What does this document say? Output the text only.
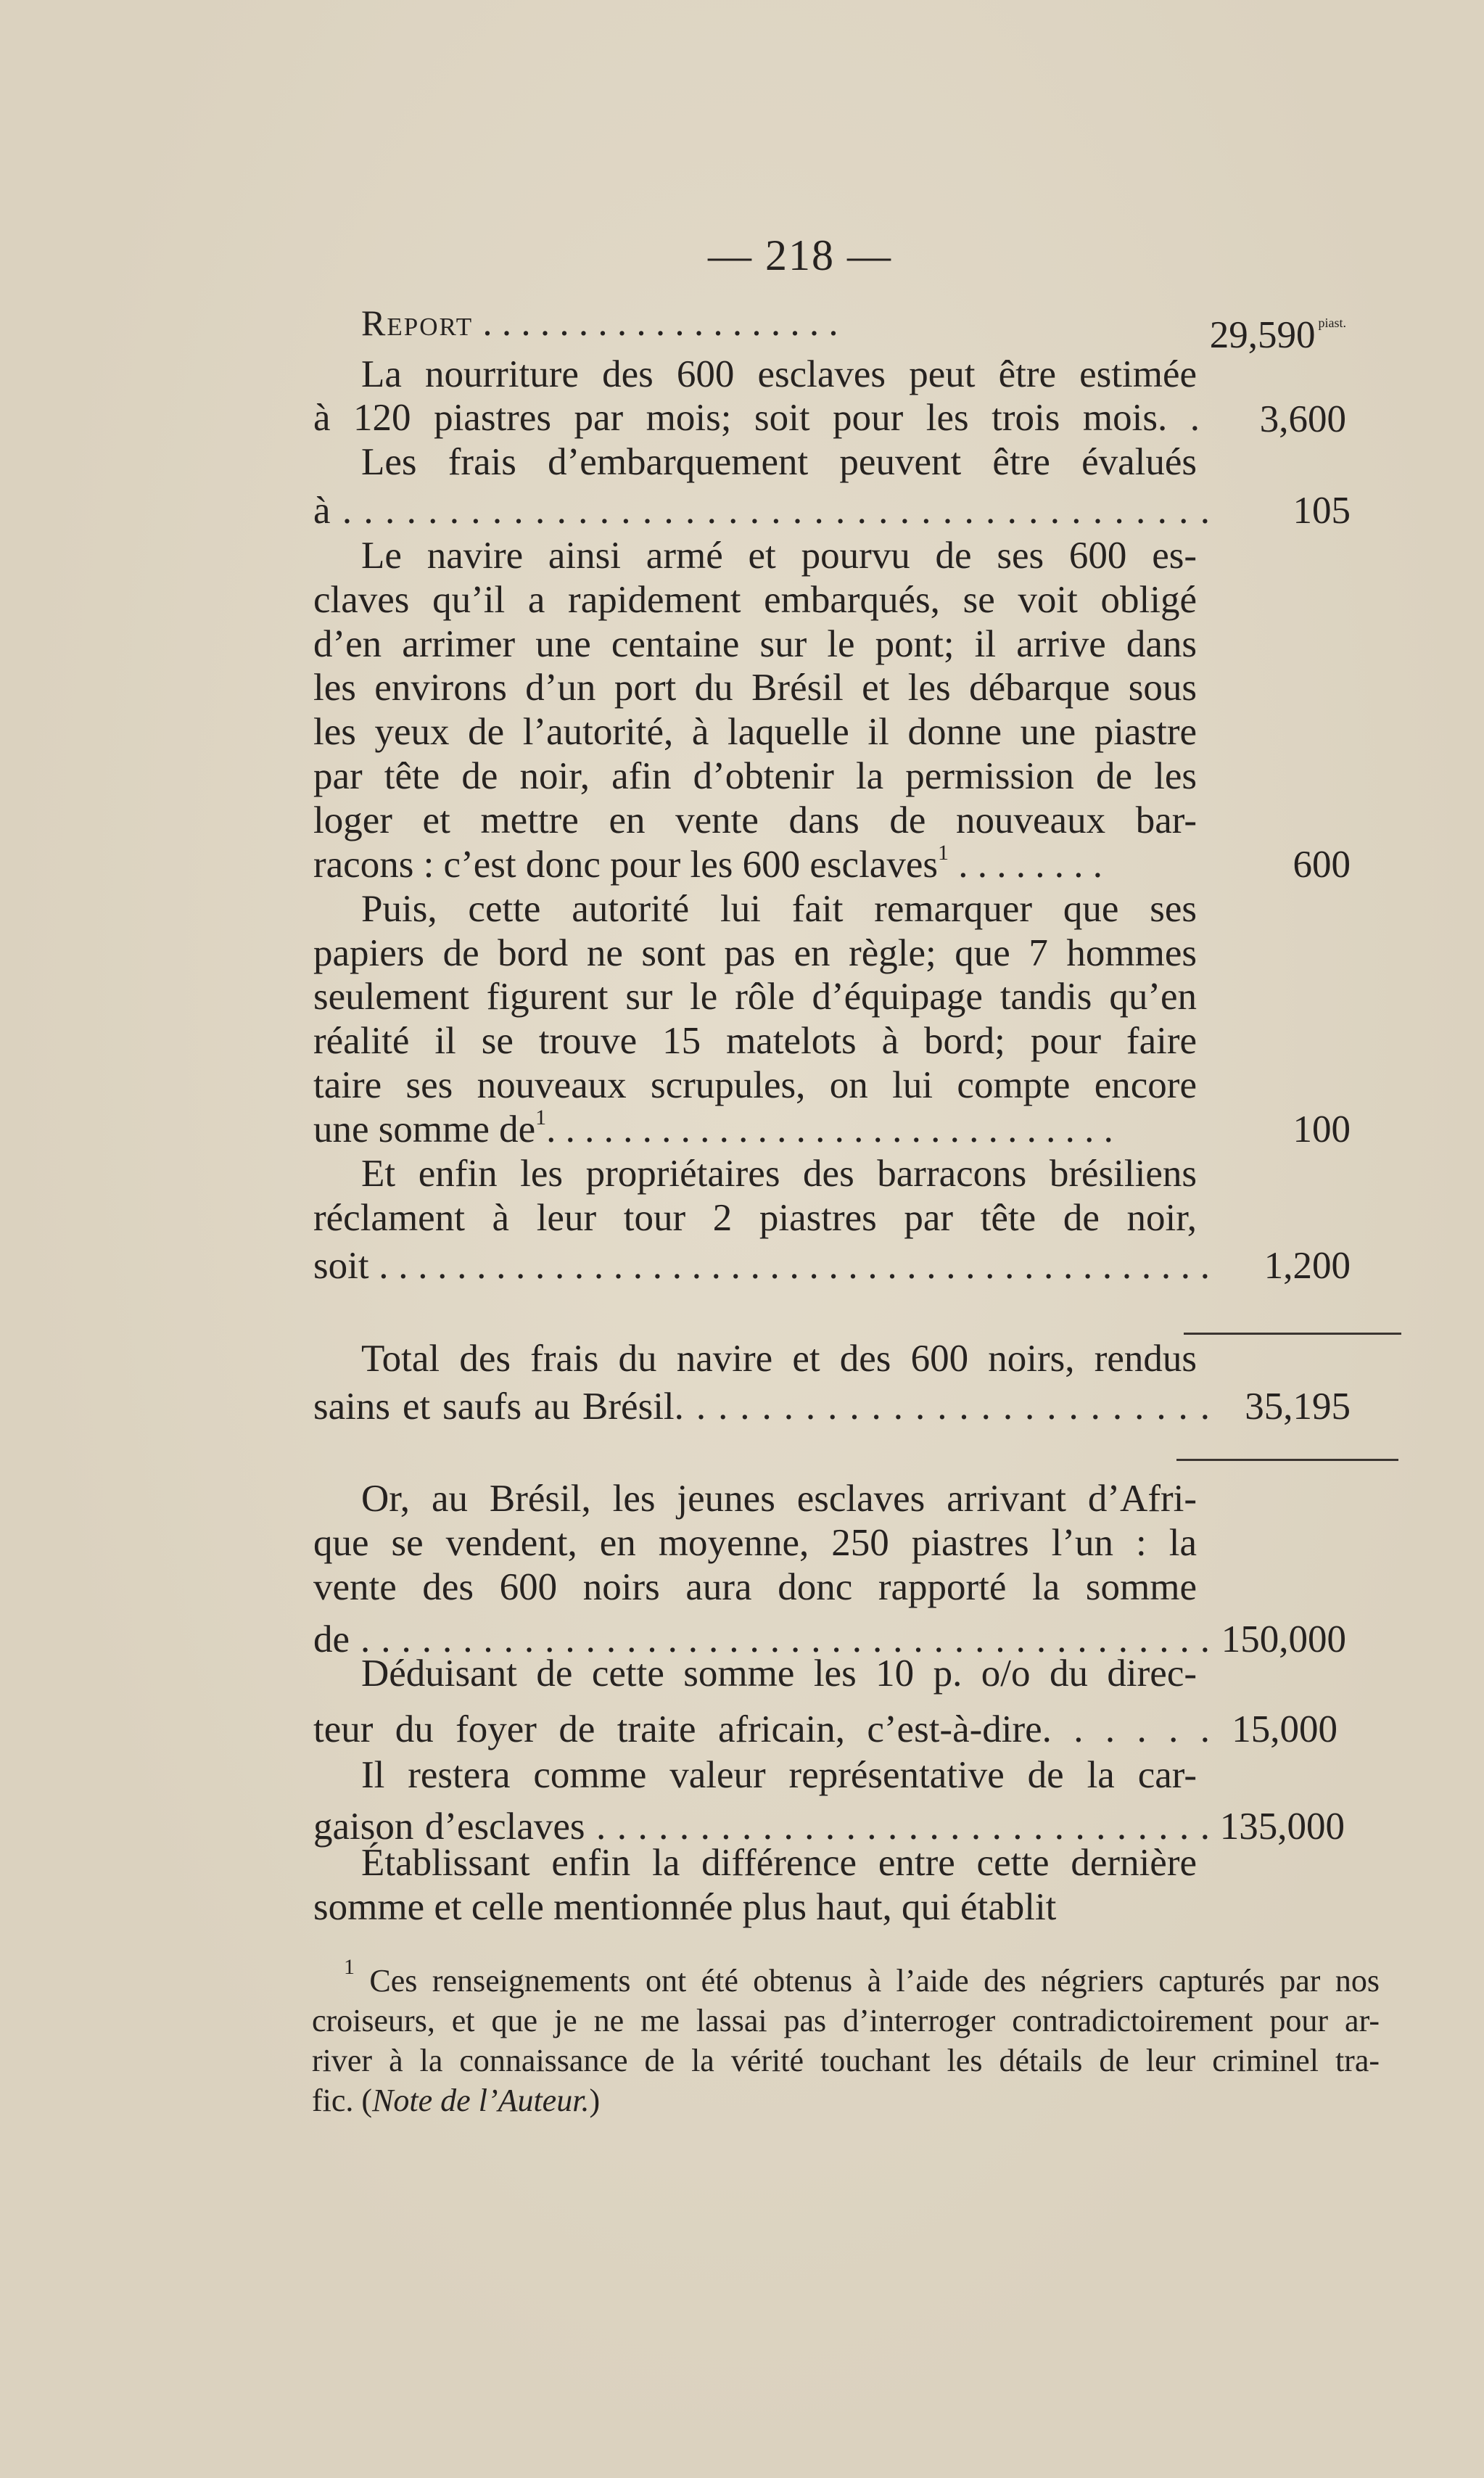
— 218 —
Report . . . . . . . . . . . . . . . . . . .	29,590 $^{piast.}$
La nourriture des 600 esclaves peut être estimée
à 120 piastres par mois; soit pour les trois mois. .	3,600
Les frais d’embarquement peuvent être évalués
à . . . . . . . . . . . . . . . . . . . . . . . . . . . . . . . . . . . . . . . . .	105
Le navire ainsi armé et pourvu de ses 600 es-
claves qu’il a rapidement embarqués, se voit obligé
d’en arrimer une centaine sur le pont; il arrive dans
les environs d’un port du Brésil et les débarque sous
les yeux de l’autorité, à laquelle il donne une piastre
par tête de noir, afin d’obtenir la permission de les
loger et mettre en vente dans de nouveaux bar-
racons : c’est donc pour les 600 esclaves$^1$ . . . . . . . .	600
Puis, cette autorité lui fait remarquer que ses
papiers de bord ne sont pas en règle; que 7 hommes
seulement figurent sur le rôle d’équipage tandis qu’en
réalité il se trouve 15 matelots à bord; pour faire
taire ses nouveaux scrupules, on lui compte encore
une somme $de^1$. . . . . . . . . . . . . . . . . . . . . . . . . . . . . .	100
Et enfin les propriétaires des barracons brésiliens
réclament à leur tour 2 piastres par tête de noir,
soit . . . . . . . . . . . . . . . . . . . . . . . . . . . . . . . . . . . . . . . . . . .	1,200
Total des frais du navire et des 600 noirs, rendus
sains et saufs au Brésil. . . . . . . . . . . . . . . . . . . . . . . . . 35,195
Or, au Brésil, les jeunes esclaves arrivant d’Afri-
que se vendent, en moyenne, 250 piastres l’un : la
vente des 600 noirs aura donc rapporté la somme
de . . . . . . . . . . . . . . . . . . . . . . . . . . . . . . . . . . . . . . . . . . 150,000
Déduisant de cette somme les 10 p. o/o du direc-
teur du foyer de traite africain, c’est-à-dire. . . . . . 15,000
Il restera comme valeur représentative de la car-
gaison d’esclaves . . . . . . . . . . . . . . . . . . . . . . . . . . . . . . 135,000
Établissant enfin la différence entre cette dernière
somme et celle mentionnée plus haut, qui établit
$^1$ Ces renseignements ont été obtenus à l’aide des négriers capturés par nos
croiseurs, et que je ne me lassai pas d’interroger contradictoirement pour ar-
river à la connaissance de la vérité touchant les détails de leur criminel tra-
fic. (Note de l’Auteur.)
